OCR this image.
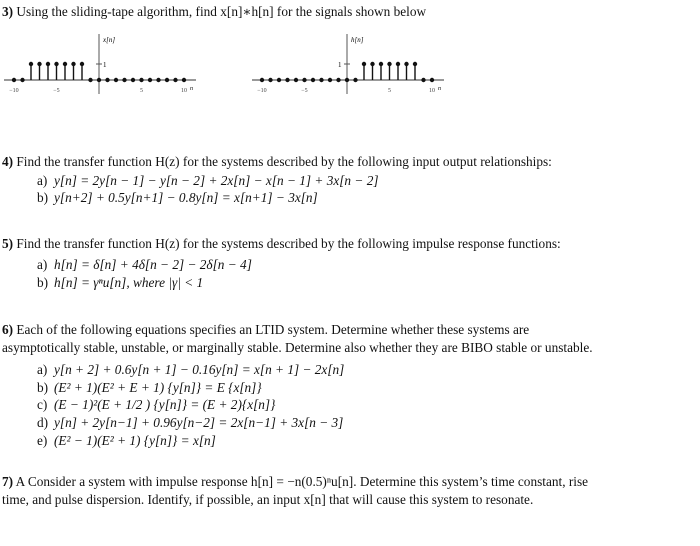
3) Using the sliding-tape algorithm, find x[n]∗h[n] for the signals shown below
1
x[n]
n
−10	−5	5	10
1
h[n]
n
−10	−5	5	10
4) Find the transfer function H(z) for the systems described by the following input output relationships:
a) y[n] = 2y[n − 1] − y[n − 2] + 2x[n] − x[n − 1] + 3x[n − 2]
b) y[n+2] + 0.5y[n+1] − 0.8y[n] = x[n+1] − 3x[n]
5) Find the transfer function H(z) for the systems described by the following impulse response functions:
a) h[n] = δ[n] + 4δ[n − 2] − 2δ[n − 4]
b) h[n] = γⁿu[n], where |γ| < 1
6) Each of the following equations specifies an LTID system. Determine whether these systems are
asymptotically stable, unstable, or marginally stable. Determine also whether they are BIBO stable or unstable.
a) y[n + 2] + 0.6y[n + 1] − 0.16y[n] = x[n + 1] − 2x[n]
b) (E² + 1)(E² + E + 1) {y[n]} = E {x[n]}
c) (E − 1)²(E + 1/2 ) {y[n]} = (E + 2){x[n]}
d) y[n] + 2y[n−1] + 0.96y[n−2] = 2x[n−1] + 3x[n − 3]
e) (E² − 1)(E² + 1) {y[n]} = x[n]
7) A Consider a system with impulse response h[n] = −n(0.5)ⁿu[n]. Determine this system’s time constant, rise
time, and pulse dispersion. Identify, if possible, an input x[n] that will cause this system to resonate.
